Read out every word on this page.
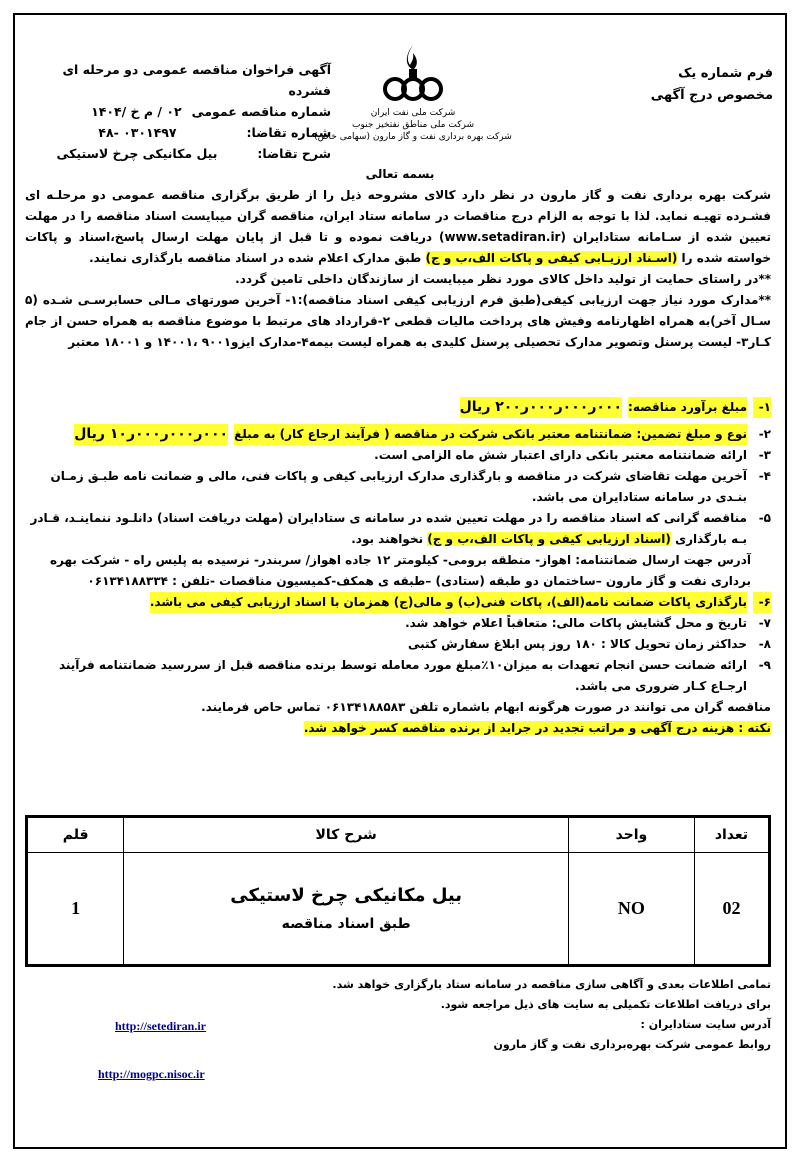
فرم شماره یک
مخصوص درج آگهی
شرکت ملی نفت ایران
شرکت ملی مناطق نفتخیز جنوب
شرکت بهره برداری نفت و گاز مارون (سهامی خاص)
آگهی فراخوان مناقصه عمومی دو مرحله ای فشرده
شماره مناقصه عمومی
۰۲ / م خ /۱۴۰۴
شماره تقاضا:
۰۳۰۱۴۹۷ -۴۸
شرح تقاضا:
بیل مکانیکی چرخ لاستیکی
بسمه تعالی

شرکت بهره برداری نفت و گاز مارون در نظر دارد کالای مشروحه ذیل را از طریق برگزاری مناقصه عمومی دو مرحلـه ای فشـرده تهیـه نماید. لذا با توجه به الزام درج مناقصات در سامانه ستاد ایران، مناقصه گران میبایست اسناد مناقصه را در مهلت تعیین شده از سـامانه ستادایران (www.setadiran.ir) دریافت نموده و تا قبل از پایان مهلت ارسال پاسخ،اسناد و پاکات خواسته شده را (اسـناد ارزیـابی کیفی و پاکات الف،ب و ج) طبق مدارک اعلام شده در اسناد مناقصه بارگذاری نمایند.

**در راستای حمایت از تولید داخل کالای مورد نظر میبایست از سازندگان داخلی تامین گردد.

**مدارک مورد نیاز جهت ارزیابی کیفی(طبق فرم ارزیابی کیفی اسناد مناقصه):۱- آخرین صورتهای مـالی حسابرسـی شـده (۵ سـال آخر)به همراه اظهارنامه وفیش های پرداخت مالیات قطعی ۲-قرارداد های مرتبط با موضوع مناقصه به همراه حسن از جام کـار۳- لیست پرسنل وتصویر مدارک تحصیلی پرسنل کلیدی به همراه لیست بیمه۴-مدارک ایزو۹۰۰۱ ،۱۴۰۰۱ و ۱۸۰۰۱ معتبر

۱-
مبلغ برآورد مناقصه:
۰۰۰ر۰۰۰ر۰۰۰ر۲۰۰ ریال
۲-
نوع و مبلغ تضمین: ضمانتنامه معتبر بانکی شرکت در مناقصه ( فرآیند ارجاع کار) به مبلغ
۰۰۰ر۰۰۰ر۰۰۰ر۱۰ ریال
۳-
ارائه ضمانتنامه معتبر بانکی دارای اعتبار شش ماه الزامی است.
۴-
آخرین مهلت تقاضای شرکت در مناقصه و بارگذاری مدارک ارزیابی کیفی و پاکات فنی، مالی و ضمانت نامه طبـق زمـان بنـدی در سامانه ستادایران می باشد.
۵-
مناقصه گرانی که اسناد مناقصه را در مهلت تعیین شده در سامانه ی ستادایران (مهلت دریافت اسناد) دانلـود ننماینـد، قـادر بـه بارگذاری (اسناد ارزیابی کیفی و پاکات الف،ب و ج) نخواهند بود.
آدرس جهت ارسال ضمانتنامه: اهواز- منطقه برومی- کیلومتر ۱۲ جاده اهواز/ سربندر- نرسیده به پلیس راه - شرکت بهره برداری نفت و گاز مارون –ساختمان دو طبقه (ستادی) –طبقه ی همکف-کمیسیون مناقصات -تلفن : ۰۶۱۳۴۱۸۸۳۳۴
۶-
بارگذاری پاکات ضمانت نامه(الف)، پاکات فنی(ب) و مالی(ج) همزمان با اسناد ارزیابی کیفی می باشد.
۷-
تاریخ و محل گشایش پاکات مالی: متعاقباً اعلام خواهد شد.
۸-
حداکثر زمان تحویل کالا : ۱۸۰ روز پس ابلاغ سفارش کتبی
۹-
ارائه ضمانت حسن انجام تعهدات به میزان۱۰٪مبلغ مورد معامله توسط برنده مناقصه قبل از سررسید ضمانتنامه فرآیند ارجـاع کـار ضروری می باشد.
مناقصه گران می توانند در صورت هرگونه ابهام باشماره تلفن ۰۶۱۳۴۱۸۸۵۸۳ تماس حاص فرمایند.
نکته : هزینه درج آگهی و مراتب تجدید در جراید از برنده مناقصه کسر خواهد شد.
تعداد	واحد	شرح کالا	قلم
02	NO	بیل مکانیکی چرخ لاستیکی
طبق اسناد مناقصه	1
تمامی اطلاعات بعدی و آگاهی سازی مناقصه در سامانه ستاد بارگزاری خواهد شد.
برای دریافت اطلاعات تکمیلی به سایت های ذیل مراجعه شود.
آدرس سایت ستادایران :
روابط عمومی شرکت بهره‌برداری نفت و گاز مارون
http://setediran.ir
http://mogpc.nisoc.ir
